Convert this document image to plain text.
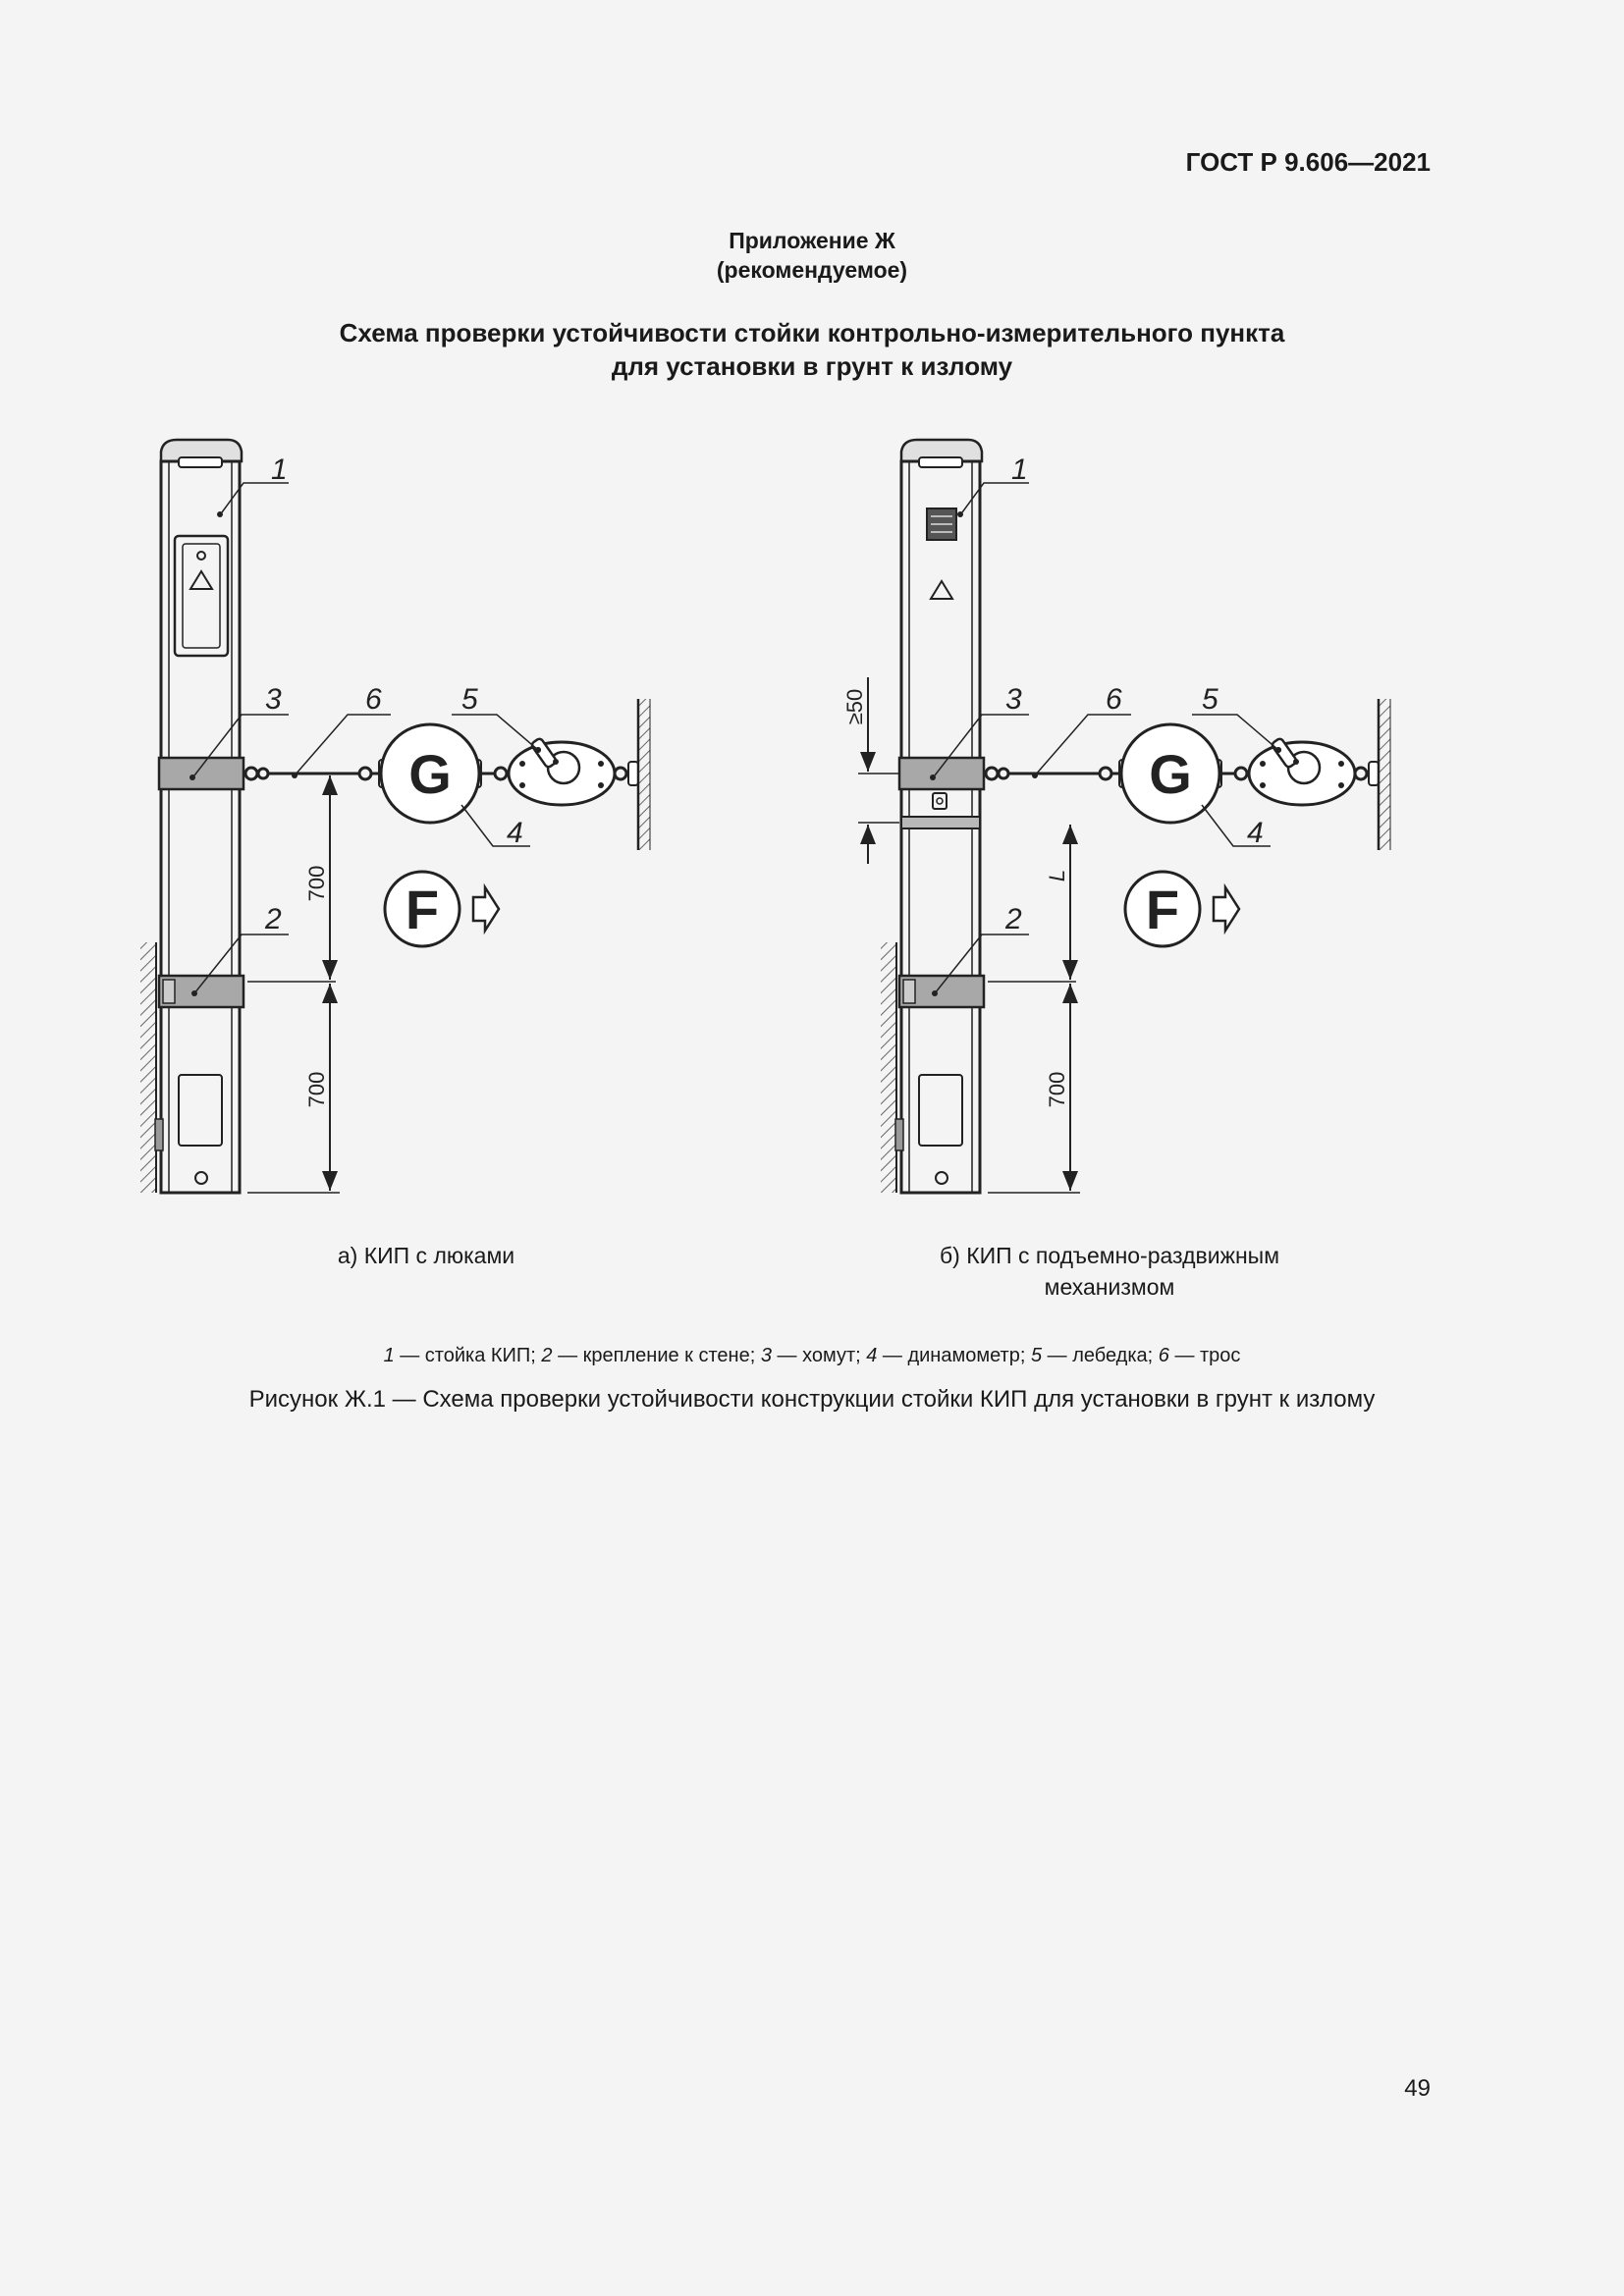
ГОСТ Р 9.606—2021
Приложение Ж
(рекомендуемое)
Схема проверки устойчивости стойки контрольно-измерительного пункта
для установки в грунт к излому
G
F
700
700
1
3	6	5
4
2
G
F
≥50
L
700
1
3	6	5
4
2
а) КИП с люками	б) КИП с подъемно-раздвижным
механизмом
1 — стойка КИП; 2 — крепление к стене; 3 — хомут; 4 — динамометр; 5 — лебедка; 6 — трос
Рисунок Ж.1 — Схема проверки устойчивости конструкции стойки КИП для установки в грунт к излому
49
